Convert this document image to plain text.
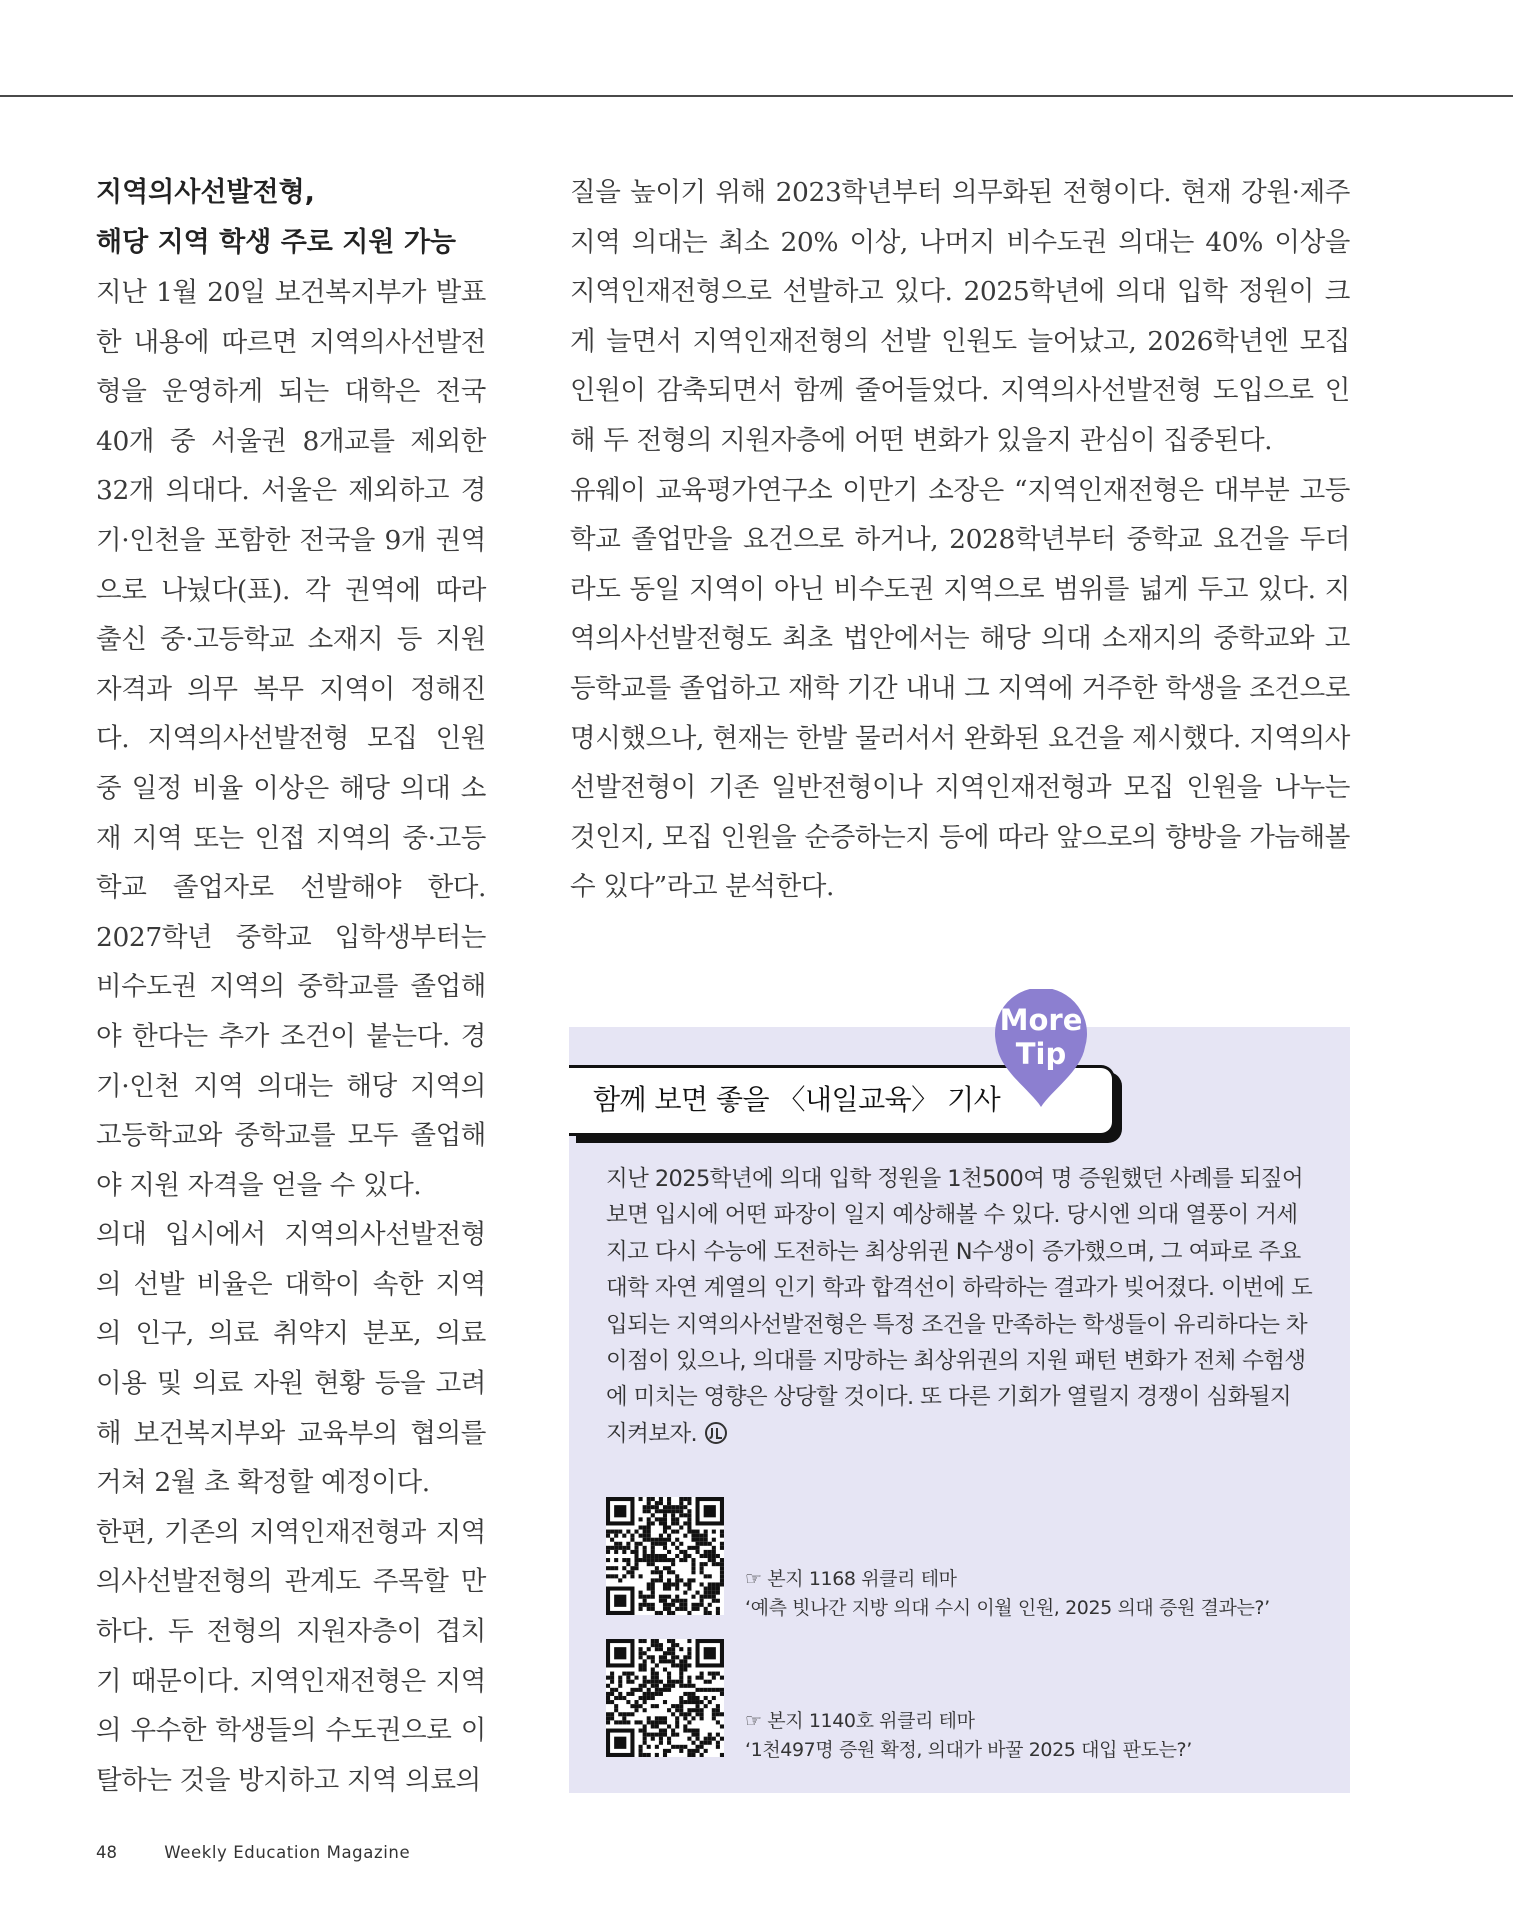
지역의사선발전형,

해당 지역 학생 주로 지원 가능

지난 1월 20일 보건복지부가 발표한 내용에 따르면 지역의사선발전형을 운영하게 되는 대학은 전국 40개 중 서울권 8개교를 제외한 32개 의대다. 서울은 제외하고 경기·인천을 포함한 전국을 9개 권역으로 나눴다(표). 각 권역에 따라 출신 중·고등학교 소재지 등 지원 자격과 의무 복무 지역이 정해진다. 지역의사선발전형 모집 인원 중 일정 비율 이상은 해당 의대 소재 지역 또는 인접 지역의 중·고등학교 졸업자로 선발해야 한다. 2027학년 중학교 입학생부터는 비수도권 지역의 중학교를 졸업해야 한다는 추가 조건이 붙는다. 경기·인천 지역 의대는 해당 지역의 고등학교와 중학교를 모두 졸업해야 지원 자격을 얻을 수 있다.

의대 입시에서 지역의사선발전형의 선발 비율은 대학이 속한 지역의 인구, 의료 취약지 분포, 의료 이용 및 의료 자원 현황 등을 고려해 보건복지부와 교육부의 협의를 거쳐 2월 초 확정할 예정이다.

한편, 기존의 지역인재전형과 지역의사선발전형의 관계도 주목할 만하다. 두 전형의 지원자층이 겹치기 때문이다. 지역인재전형은 지역의 우수한 학생들의 수도권으로 이탈하는 것을 방지하고 지역 의료의

질을 높이기 위해 2023학년부터 의무화된 전형이다. 현재 강원·제주 지역 의대는 최소 20% 이상, 나머지 비수도권 의대는 40% 이상을 지역인재전형으로 선발하고 있다. 2025학년에 의대 입학 정원이 크게 늘면서 지역인재전형의 선발 인원도 늘어났고, 2026학년엔 모집 인원이 감축되면서 함께 줄어들었다. 지역의사선발전형 도입으로 인해 두 전형의 지원자층에 어떤 변화가 있을지 관심이 집중된다.

유웨이 교육평가연구소 이만기 소장은 “지역인재전형은 대부분 고등학교 졸업만을 요건으로 하거나, 2028학년부터 중학교 요건을 두더라도 동일 지역이 아닌 비수도권 지역으로 범위를 넓게 두고 있다. 지역의사선발전형도 최초 법안에서는 해당 의대 소재지의 중학교와 고등학교를 졸업하고 재학 기간 내내 그 지역에 거주한 학생을 조건으로 명시했으나, 현재는 한발 물러서서 완화된 요건을 제시했다. 지역의사선발전형이 기존 일반전형이나 지역인재전형과 모집 인원을 나누는 것인지, 모집 인원을 순증하는지 등에 따라 앞으로의 향방을 가늠해볼 수 있다”라고 분석한다.

함께 보면 좋을 〈내일교육〉 기사
More
Tip

지난 2025학년에 의대 입학 정원을 1천500여 명 증원했던 사례를 되짚어보면 입시에 어떤 파장이 일지 예상해볼 수 있다. 당시엔 의대 열풍이 거세지고 다시 수능에 도전하는 최상위권 N수생이 증가했으며, 그 여파로 주요 대학 자연 계열의 인기 학과 합격선이 하락하는 결과가 빚어졌다. 이번에 도입되는 지역의사선발전형은 특정 조건을 만족하는 학생들이 유리하다는 차이점이 있으나, 의대를 지망하는 최상위권의 지원 패턴 변화가 전체 수험생에 미치는 영향은 상당할 것이다. 또 다른 기회가 열릴지 경쟁이 심화될지 지켜보자.

☞ 본지 1168 위클리 테마
‘예측 빗나간 지방 의대 수시 이월 인원, 2025 의대 증원 결과는?’
☞ 본지 1140호 위클리 테마
‘1천497명 증원 확정, 의대가 바꿀 2025 대입 판도는?’
48	Weekly Education Magazine
